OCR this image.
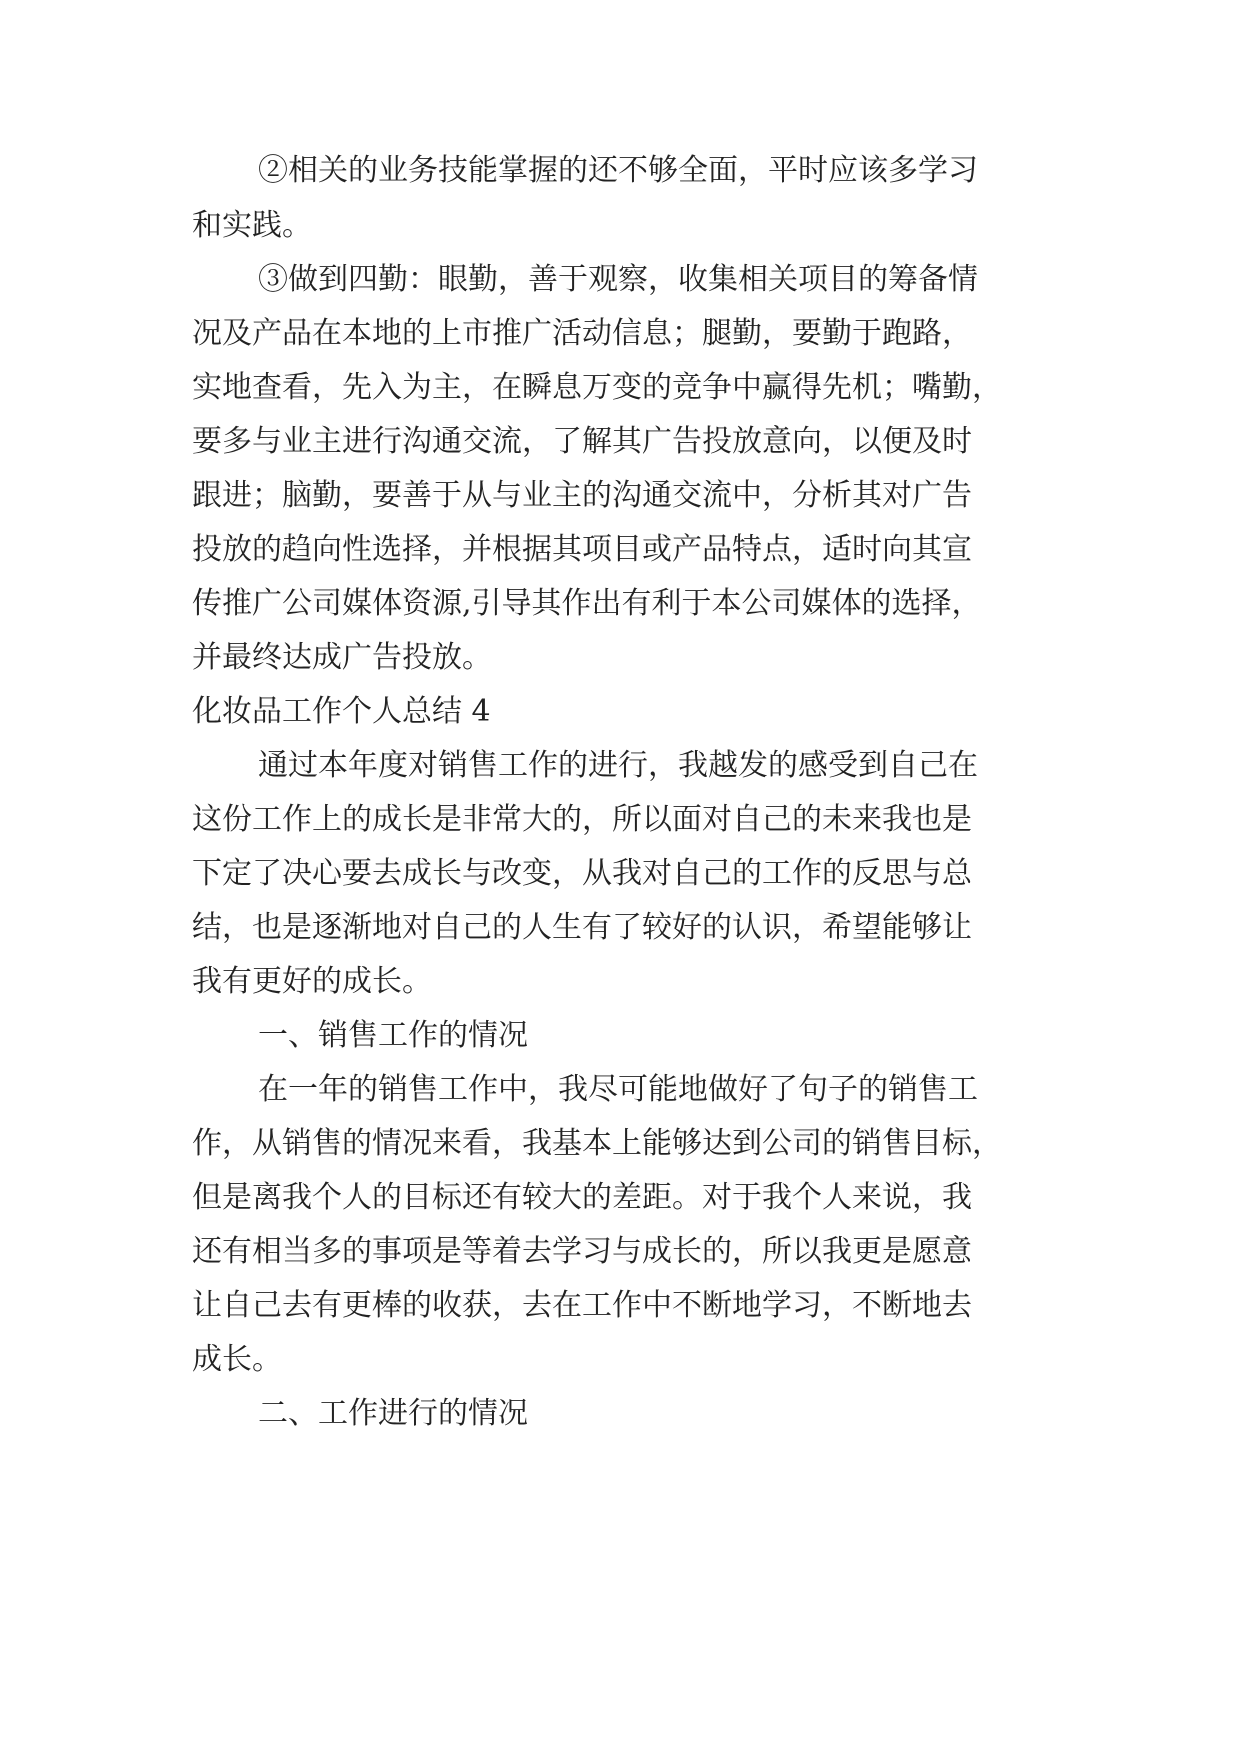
②相关的业务技能掌握的还不够全面，平时应该多学习
和实践。
③做到四勤：眼勤，善于观察，收集相关项目的筹备情
况及产品在本地的上市推广活动信息；腿勤，要勤于跑路，
实地查看，先入为主，在瞬息万变的竞争中赢得先机；嘴勤，
要多与业主进行沟通交流，了解其广告投放意向，以便及时
跟进；脑勤，要善于从与业主的沟通交流中，分析其对广告
投放的趋向性选择，并根据其项目或产品特点，适时向其宣
传推广公司媒体资源,引导其作出有利于本公司媒体的选择，
并最终达成广告投放。
化妆品工作个人总结 4
通过本年度对销售工作的进行，我越发的感受到自己在
这份工作上的成长是非常大的，所以面对自己的未来我也是
下定了决心要去成长与改变，从我对自己的工作的反思与总
结，也是逐渐地对自己的人生有了较好的认识，希望能够让
我有更好的成长。
一、销售工作的情况
在一年的销售工作中，我尽可能地做好了句子的销售工
作，从销售的情况来看，我基本上能够达到公司的销售目标，
但是离我个人的目标还有较大的差距。对于我个人来说，我
还有相当多的事项是等着去学习与成长的，所以我更是愿意
让自己去有更棒的收获，去在工作中不断地学习，不断地去
成长。
二、工作进行的情况
